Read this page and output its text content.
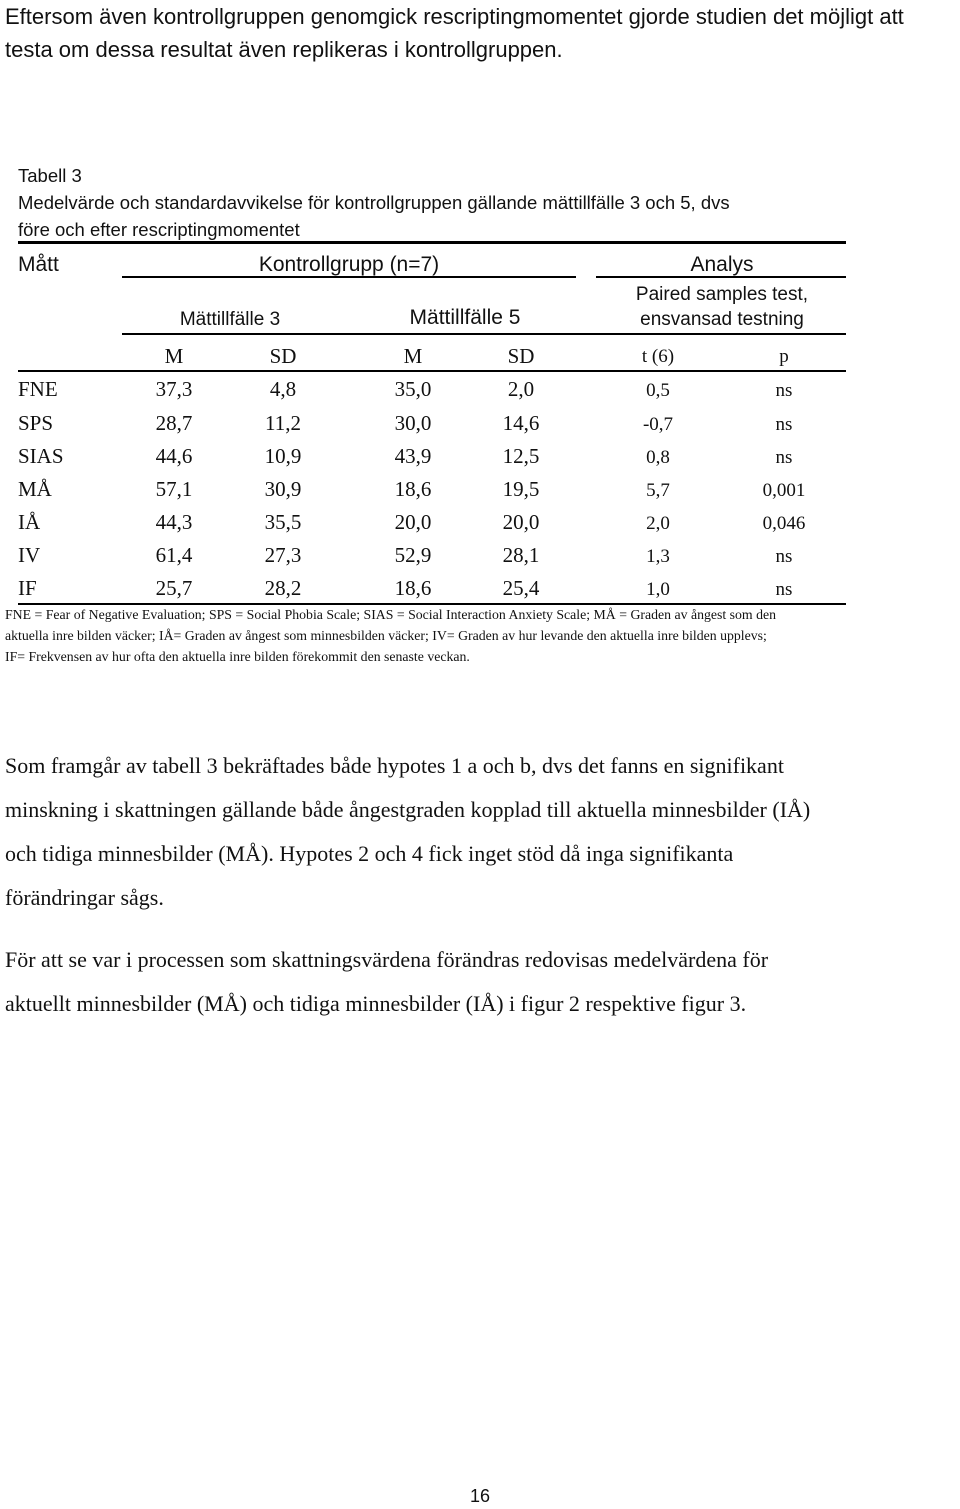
Eftersom även kontrollgruppen genomgick rescriptingmomentet gjorde studien det möjligt att
testa om dessa resultat även replikeras i kontrollgruppen.
Tabell 3
Medelvärde och standardavvikelse för kontrollgruppen gällande mättillfälle 3 och 5, dvs
före och efter rescriptingmomentet
Mått	Kontrollgrupp (n=7)	Analys
Mättillfälle 3	Mättillfälle 5
Paired samples test,
ensvansad testning
M	SD	M	SD	t (6)	p
FNE	37,3	4,8	35,0	2,0	0,5	ns
SPS	28,7	11,2	30,0	14,6	-0,7	ns
SIAS	44,6	10,9	43,9	12,5	0,8	ns
MÅ	57,1	30,9	18,6	19,5	5,7	0,001
IÅ	44,3	35,5	20,0	20,0	2,0	0,046
IV	61,4	27,3	52,9	28,1	1,3	ns
IF	25,7	28,2	18,6	25,4	1,0	ns
FNE = Fear of Negative Evaluation; SPS = Social Phobia Scale; SIAS = Social Interaction Anxiety Scale; MÅ = Graden av ångest som den
aktuella inre bilden väcker; IÅ= Graden av ångest som minnesbilden väcker; IV= Graden av hur levande den aktuella inre bilden upplevs;
IF= Frekvensen av hur ofta den aktuella inre bilden förekommit den senaste veckan.
Som framgår av tabell 3 bekräftades både hypotes 1 a och b, dvs det fanns en signifikant
minskning i skattningen gällande både ångestgraden kopplad till aktuella minnesbilder (IÅ)
och tidiga minnesbilder (MÅ). Hypotes 2 och 4 fick inget stöd då inga signifikanta
förändringar sågs.
För att se var i processen som skattningsvärdena förändras redovisas medelvärdena för
aktuellt minnesbilder (MÅ) och tidiga minnesbilder (IÅ) i figur 2 respektive figur 3.
16
